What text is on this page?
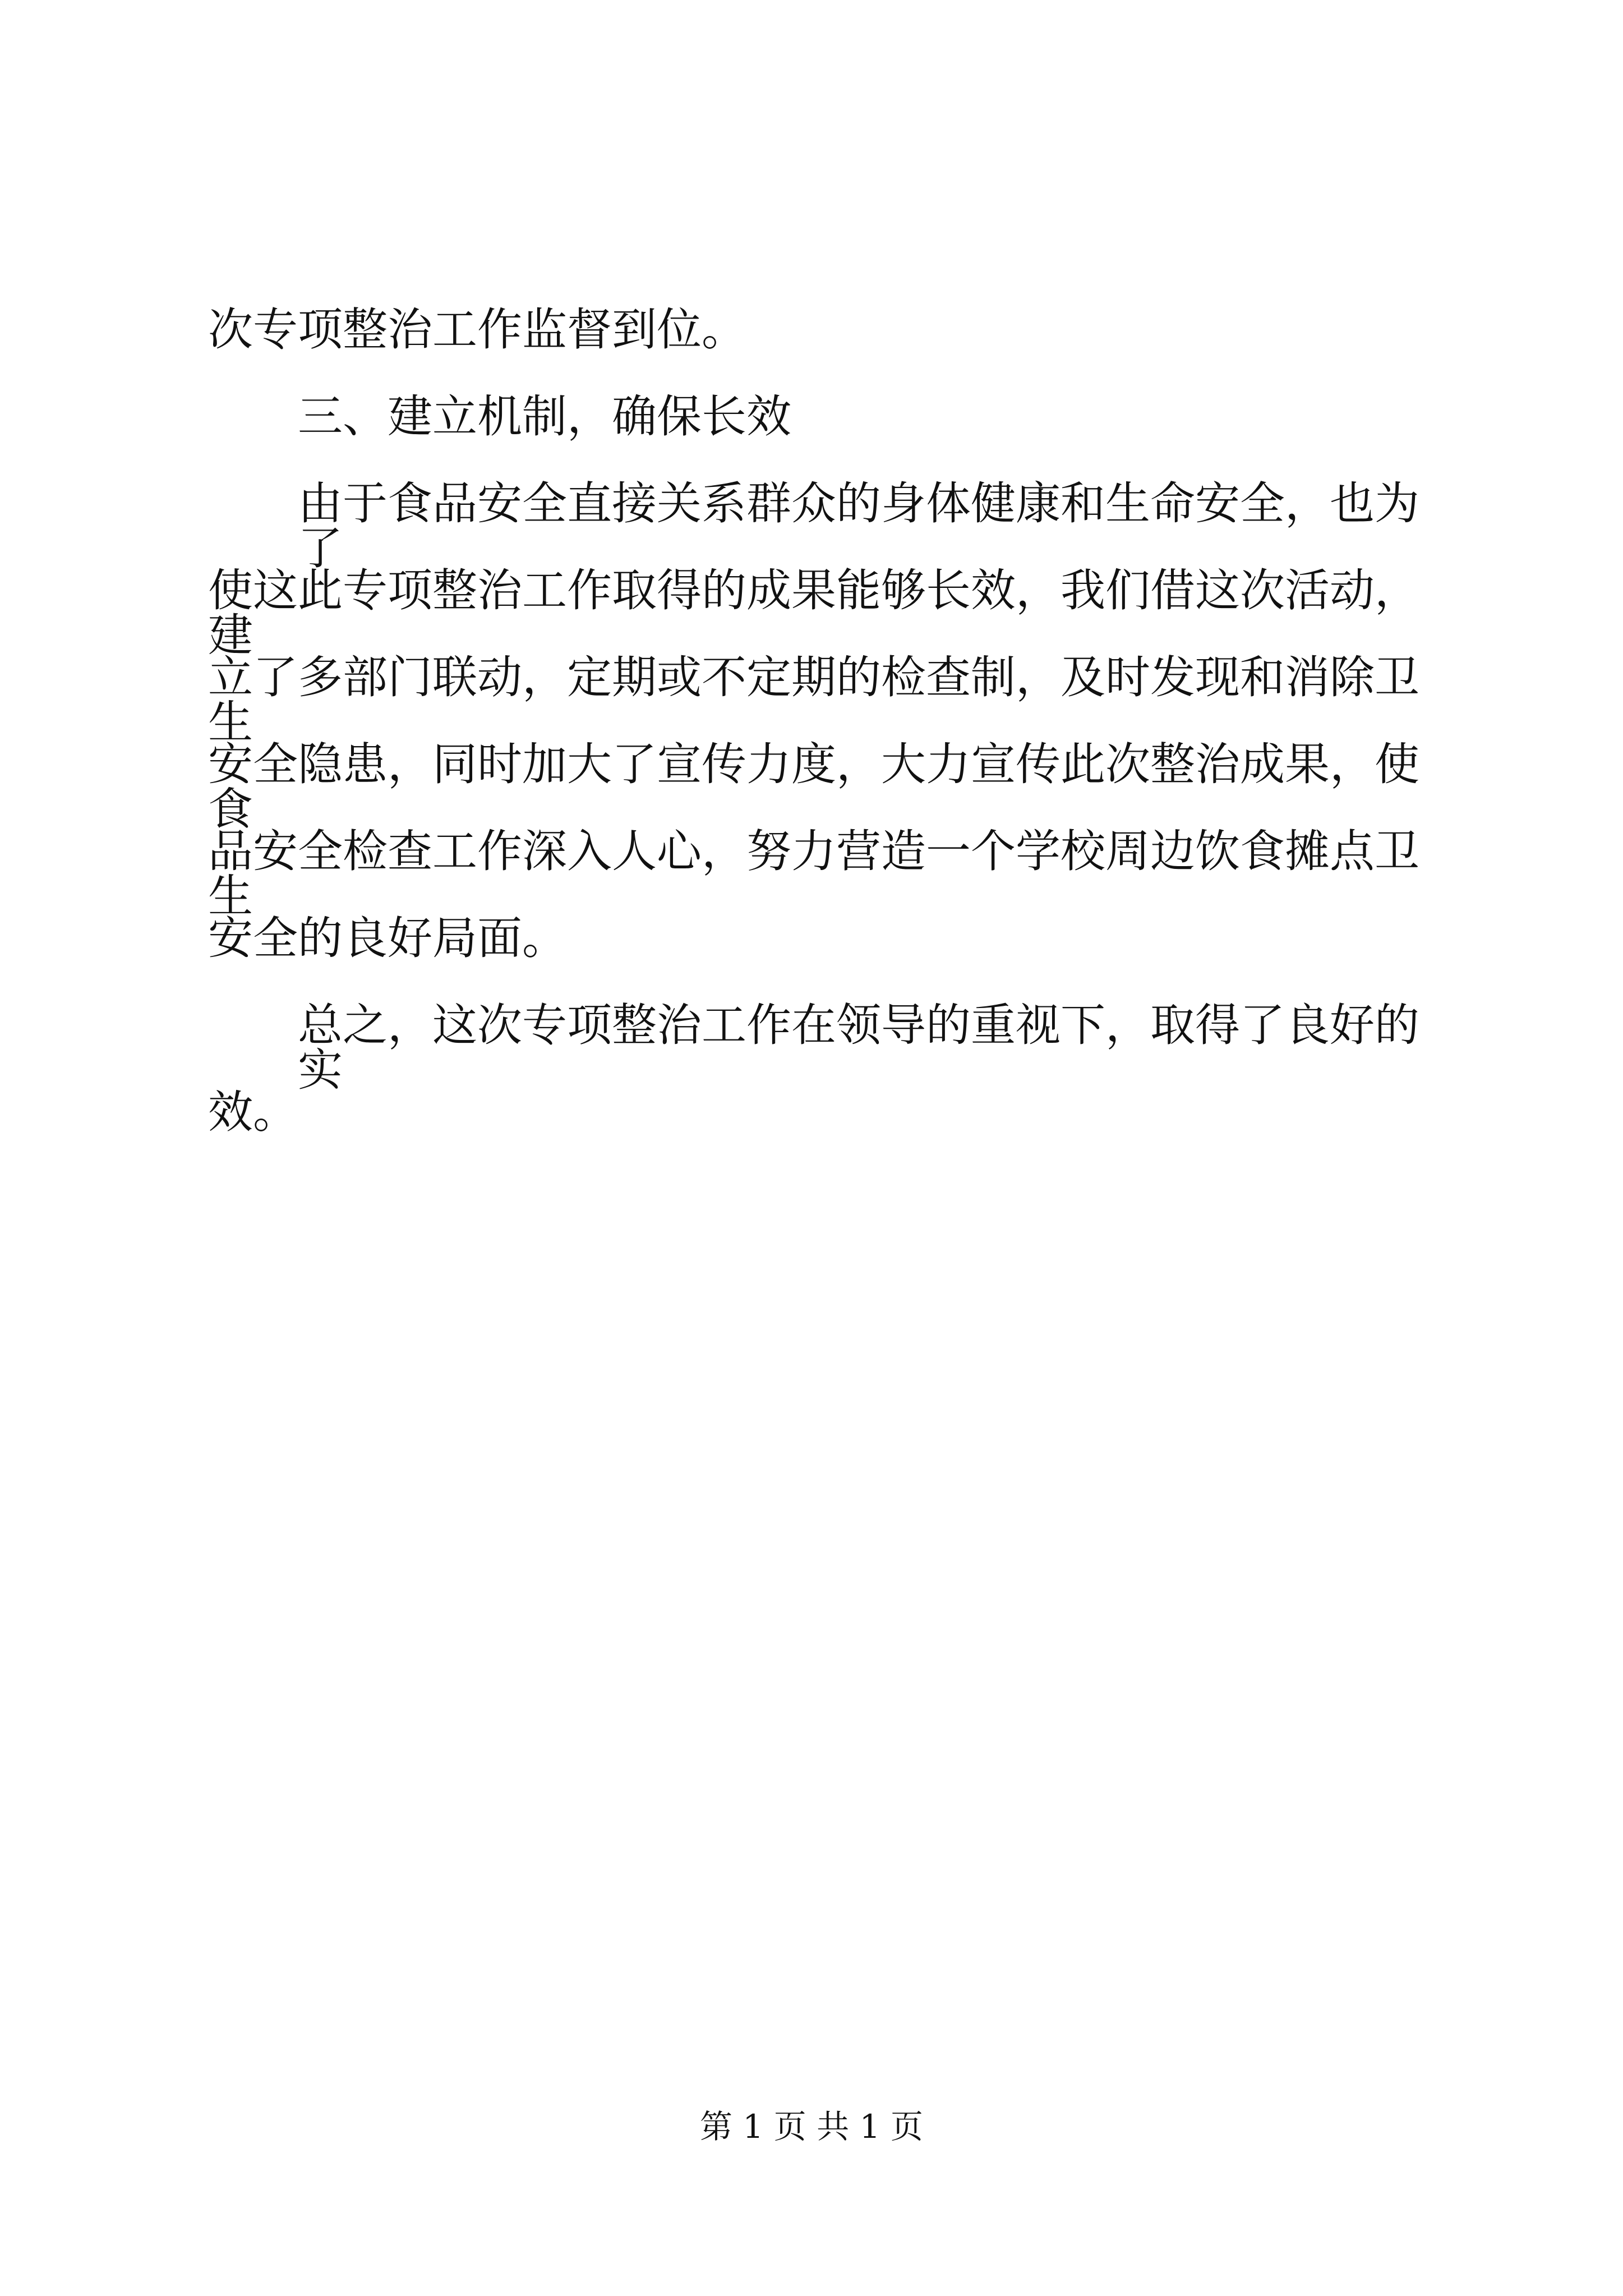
次专项整治工作监督到位。
三、建立机制，确保长效
由于食品安全直接关系群众的身体健康和生命安全，也为了
使这此专项整治工作取得的成果能够长效，我们借这次活动，建
立了多部门联动，定期或不定期的检查制，及时发现和消除卫生
安全隐患，同时加大了宣传力度，大力宣传此次整治成果，使食
品安全检查工作深入人心，努力营造一个学校周边饮食摊点卫生
安全的良好局面。
总之，这次专项整治工作在领导的重视下，取得了良好的实
效。
第 1 页 共 1 页
